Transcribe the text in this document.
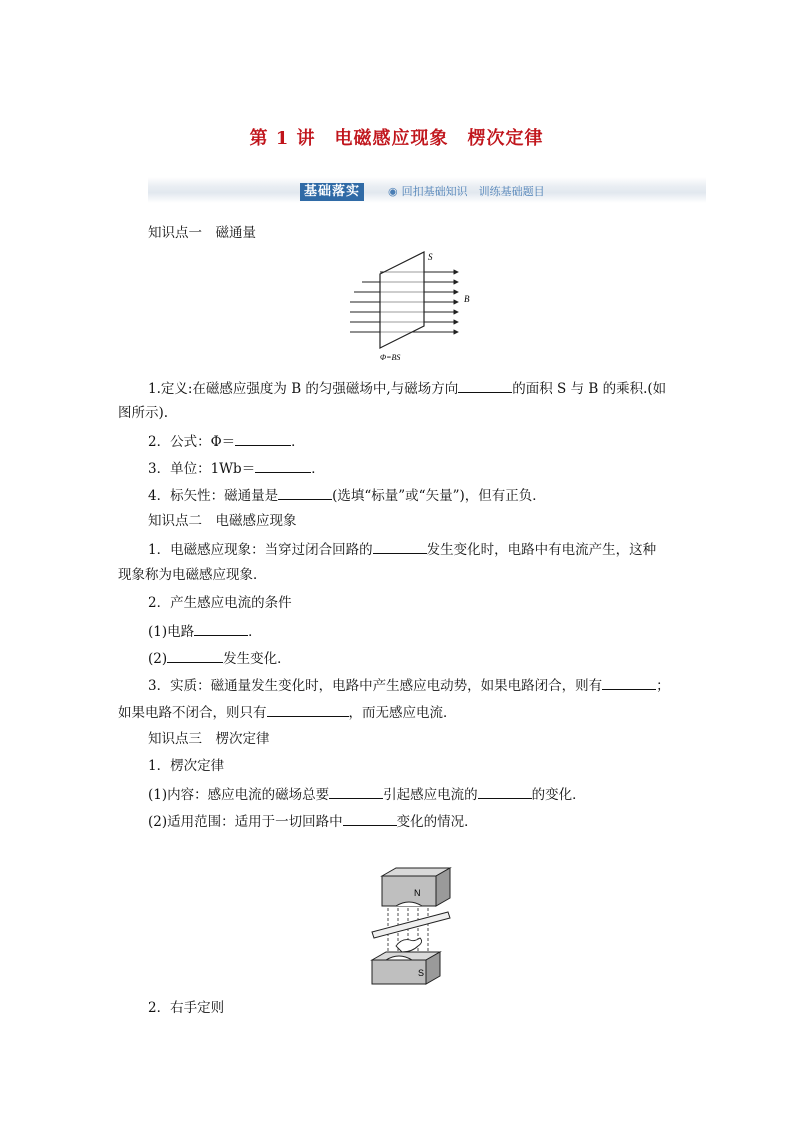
第 1 讲　电磁感应现象　楞次定律
基础落实	◉ 回扣基础知识　训练基础题目
知识点一　磁通量
S
B
Φ=BS
1.定义:在磁感应强度为 B 的匀强磁场中,与磁场方向	的面积 S 与 B 的乘积.(如
图所示).
2．公式：Φ＝	．
3．单位：1Wb＝	．
4．标矢性：磁通量是	(选填“标量”或“矢量”)，但有正负．
知识点二　电磁感应现象
1．电磁感应现象：当穿过闭合回路的	发生变化时，电路中有电流产生，这种
现象称为电磁感应现象．
2．产生感应电流的条件
(1)电路	．
(2)	发生变化．
3．实质：磁通量发生变化时，电路中产生感应电动势，如果电路闭合，则有	；
如果电路不闭合，则只有	，而无感应电流．
知识点三　楞次定律
1．楞次定律
(1)内容：感应电流的磁场总要	引起感应电流的	的变化．
(2)适用范围：适用于一切回路中	变化的情况．
N
S
2．右手定则
